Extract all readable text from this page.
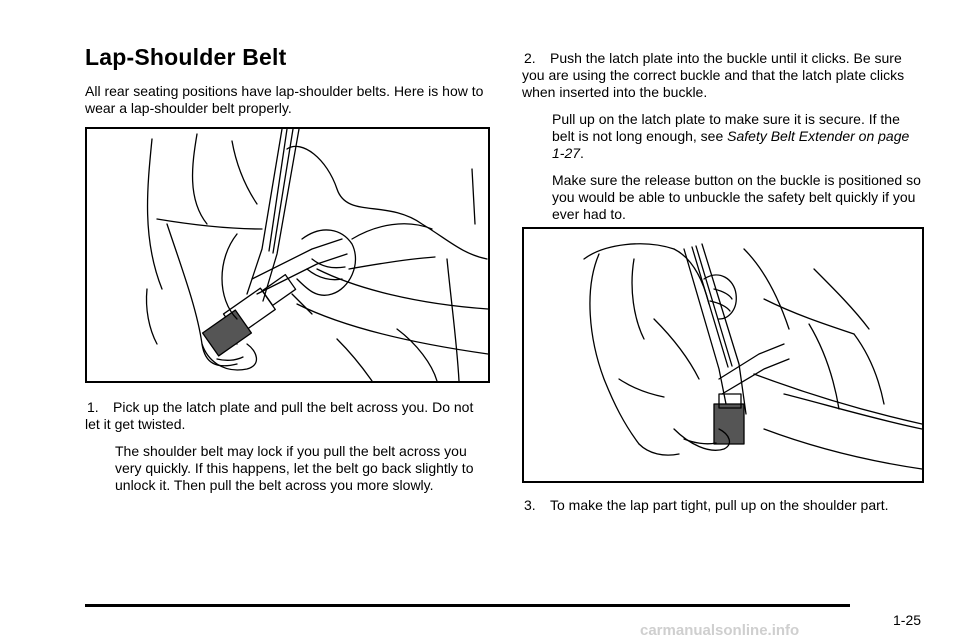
Lap-Shoulder Belt

All rear seating positions have lap-shoulder belts. Here is how to wear a lap-shoulder belt properly.

1. Pick up the latch plate and pull the belt across you. Do not let it get twisted.
The shoulder belt may lock if you pull the belt across you very quickly. If this happens, let the belt go back slightly to unlock it. Then pull the belt across you more slowly.
2. Push the latch plate into the buckle until it clicks. Be sure you are using the correct buckle and that the latch plate clicks when inserted into the buckle.
Pull up on the latch plate to make sure it is secure. If the belt is not long enough, see Safety Belt Extender on page 1-27.
Make sure the release button on the buckle is positioned so you would be able to unbuckle the safety belt quickly if you ever had to.
3. To make the lap part tight, pull up on the shoulder part.
1-25
carmanualsonline.info
